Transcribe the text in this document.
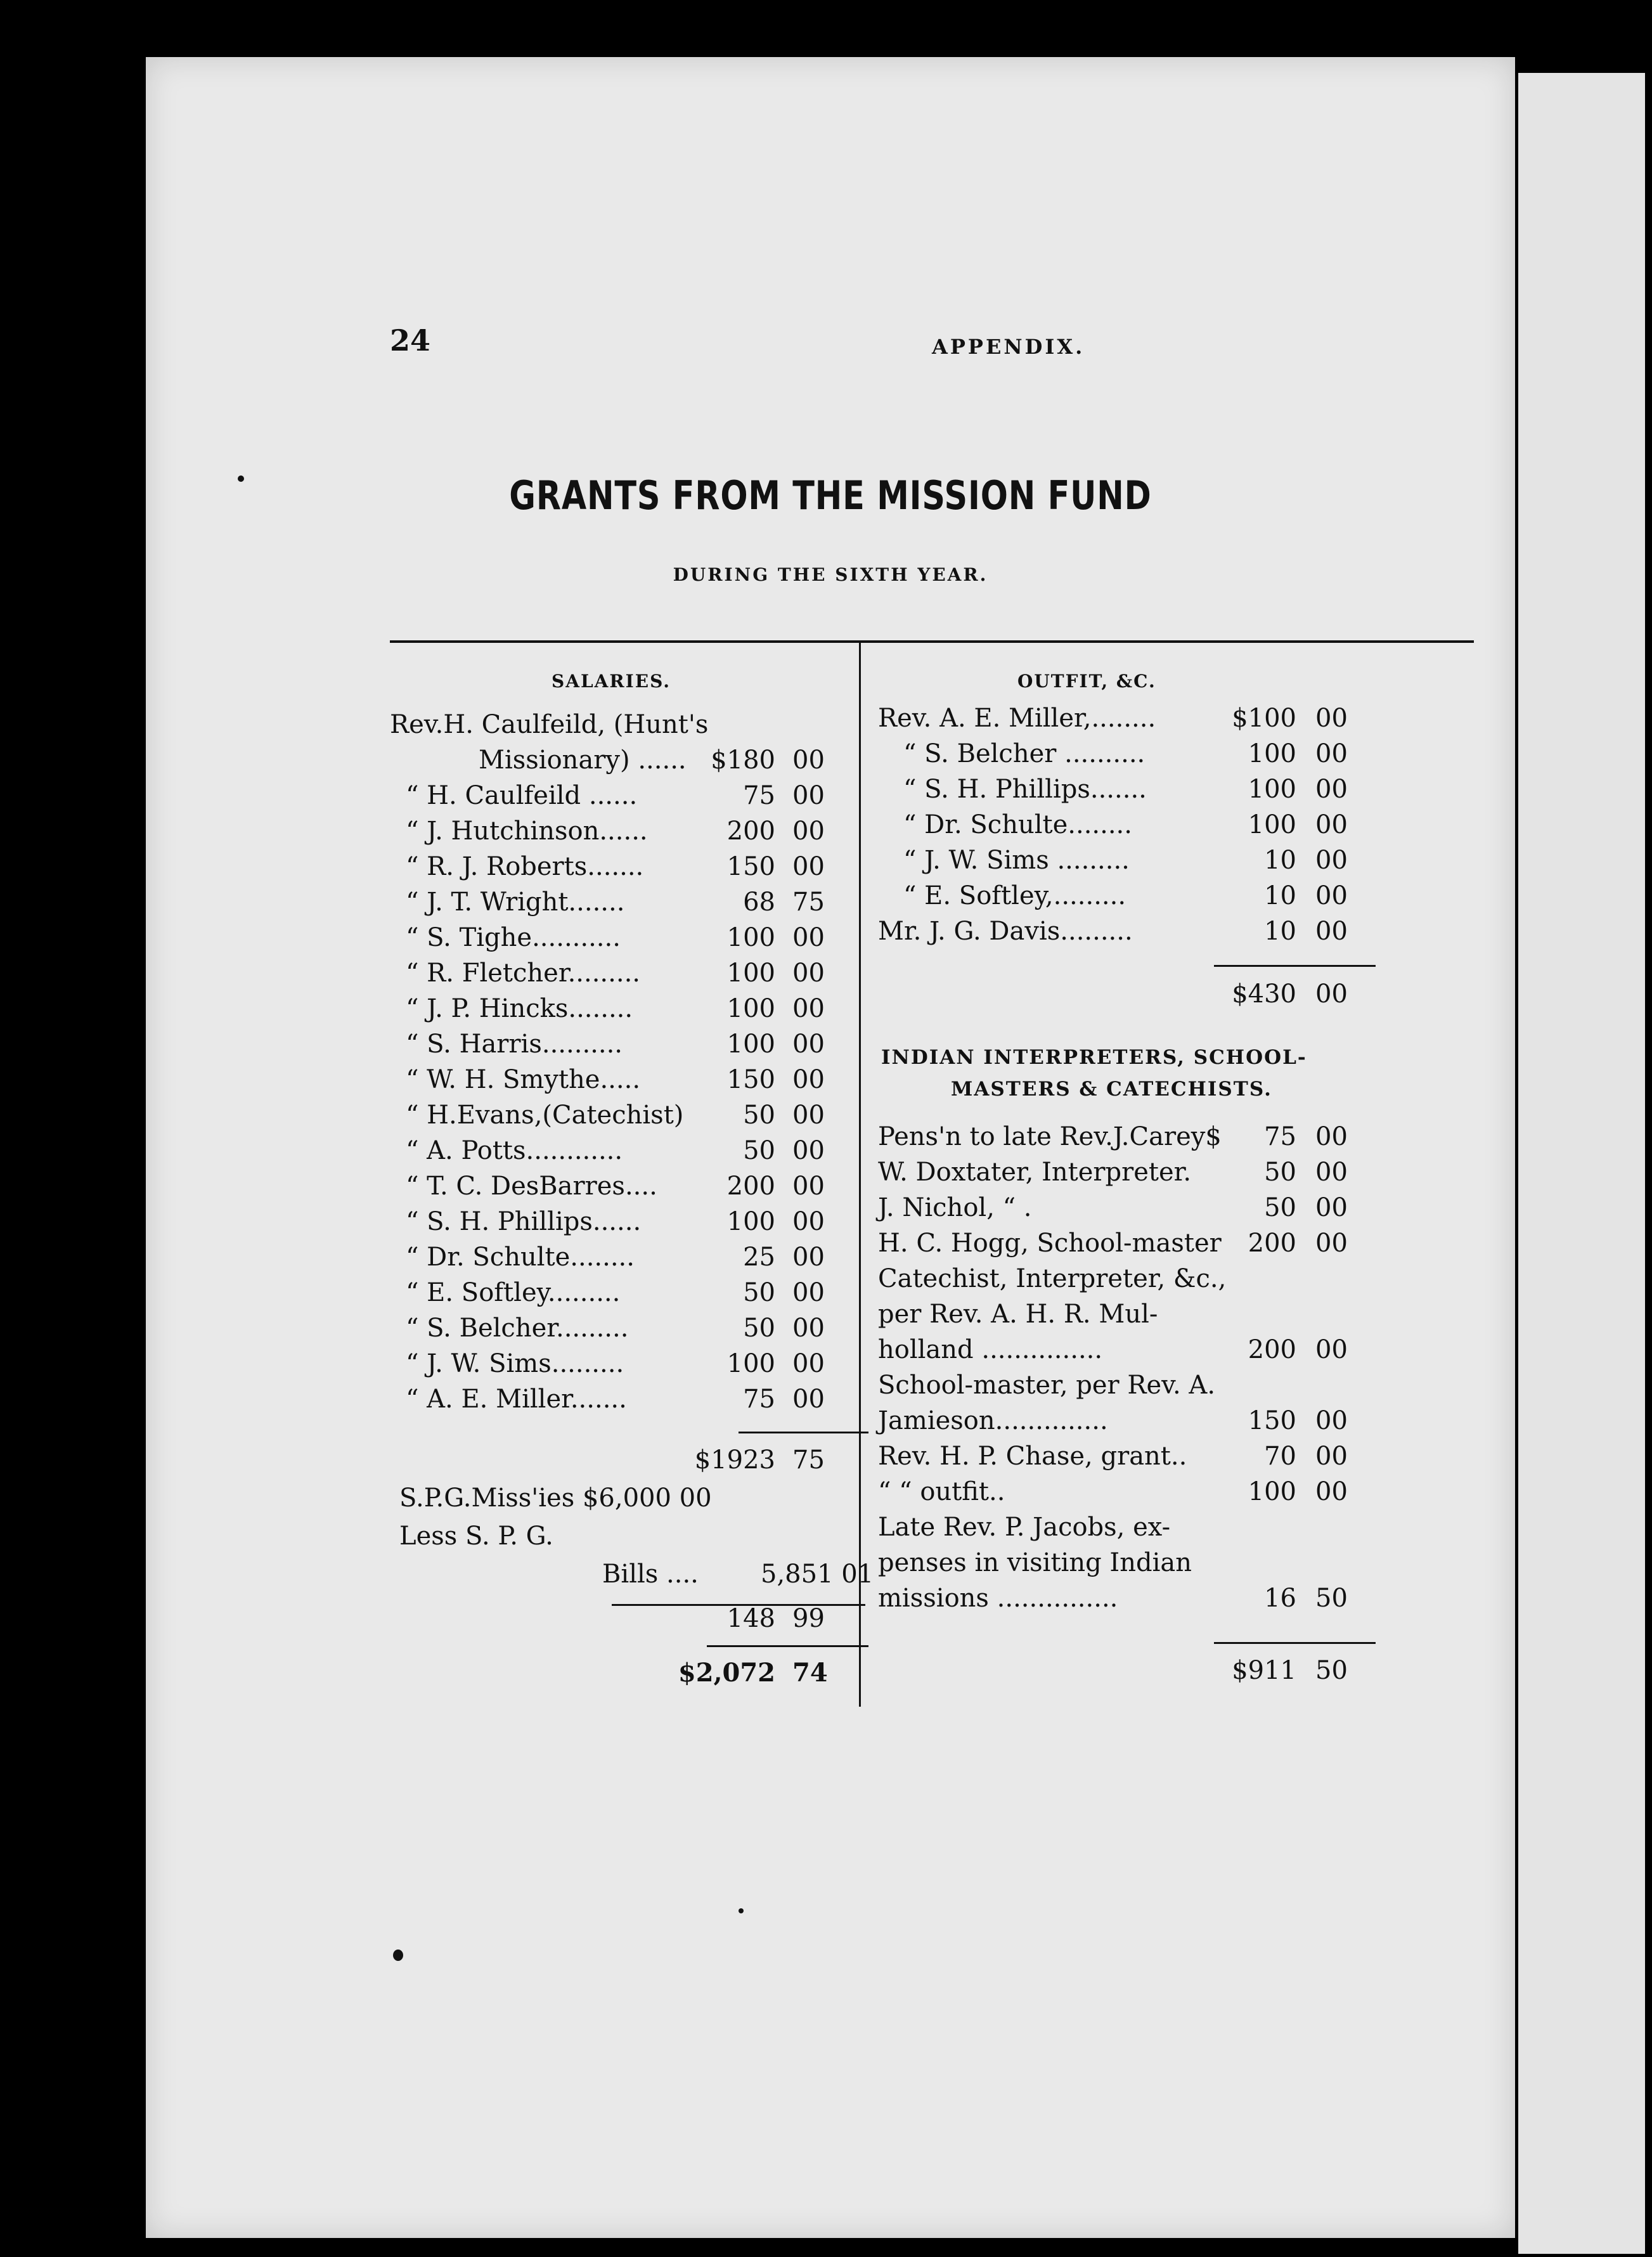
24	APPENDIX.
GRANTS FROM THE MISSION FUND
DURING THE SIXTH YEAR.
SALARIES.
Rev.H. Caulfeild, (Hunt's
Missionary) ...... $180 00
“ H. Caulfeild ......	75 00
“ J. Hutchinson......	200 00
“ R. J. Roberts.......	150 00
“ J. T. Wright.......	68 75
“ S. Tighe...........	100 00
“ R. Fletcher.........	100 00
“ J. P. Hincks........	100 00
“ S. Harris..........	100 00
“ W. H. Smythe.....	150 00
“ H.Evans,(Catechist)	50 00
“ A. Potts............	50 00
“ T. C. DesBarres....	200 00
“ S. H. Phillips......	100 00
“ Dr. Schulte........	25 00
“ E. Softley.........	50 00
“ S. Belcher.........	50 00
“ J. W. Sims.........	100 00
“ A. E. Miller.......	75 00
$1923 75
S.P.G.Miss'ies $6,000 00
Less S. P. G.
Bills .... 5,851 01
148 99
$2,072 74
OUTFIT, &C.
Rev. A. E. Miller,........	$100 00
“ S. Belcher ..........	100 00
“ S. H. Phillips.......	100 00
“ Dr. Schulte........	100 00
“ J. W. Sims .........	10 00
“ E. Softley,.........	10 00
Mr. J. G. Davis.........	10 00
$430 00
INDIAN INTERPRETERS, SCHOOL-
MASTERS & CATECHISTS.
Pens'n to late Rev.J.Carey$	75 00
W. Doxtater, Interpreter.	50 00
J. Nichol, “ .	50 00
H. C. Hogg, School-master	200 00
Catechist, Interpreter, &c.,
per Rev. A. H. R. Mul-
holland ...............	200 00
School-master, per Rev. A.
Jamieson..............	150 00
Rev. H. P. Chase, grant..	70 00
“ “ outfit..	100 00
Late Rev. P. Jacobs, ex-
penses in visiting Indian
missions ...............	16 50
$911 50
